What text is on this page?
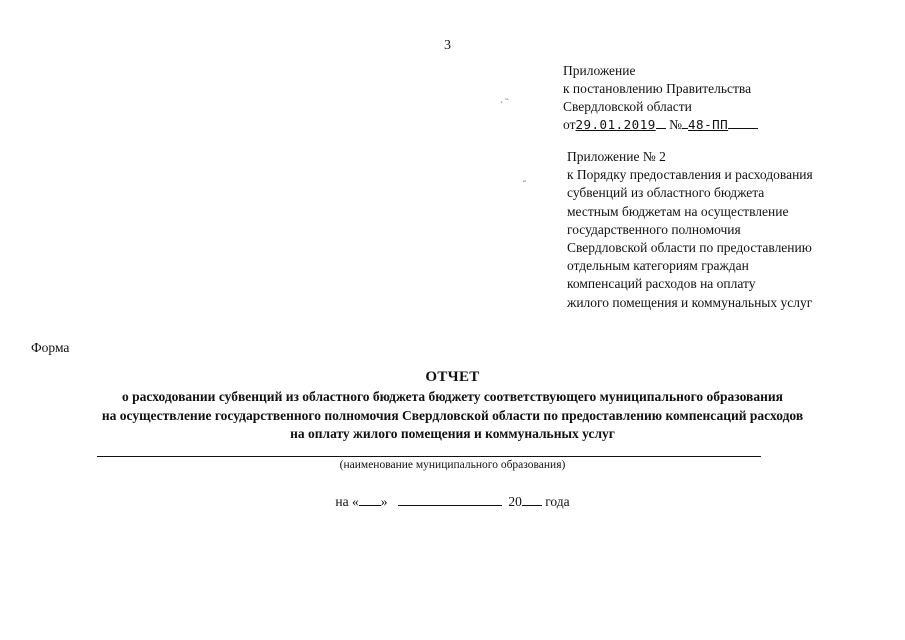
3
ˎ ˵
˶
Приложение
к постановлению Правительства
Свердловской области
от29.01.2019 № 48-ПП
Приложение № 2
к Порядку предоставления и расходования
субвенций из областного бюджета
местным бюджетам на осуществление
государственного полномочия
Свердловской области по предоставлению
отдельным категориям граждан
компенсаций расходов на оплату
жилого помещения и коммунальных услуг
Форма
ОТЧЕТ
о расходовании субвенций из областного бюджета бюджету соответствующего муниципального образования
на осуществление государственного полномочия Свердловской области по предоставлению компенсаций расходов
на оплату жилого помещения и коммунальных услуг
(наименование муниципального образования)
на « »	20 года
